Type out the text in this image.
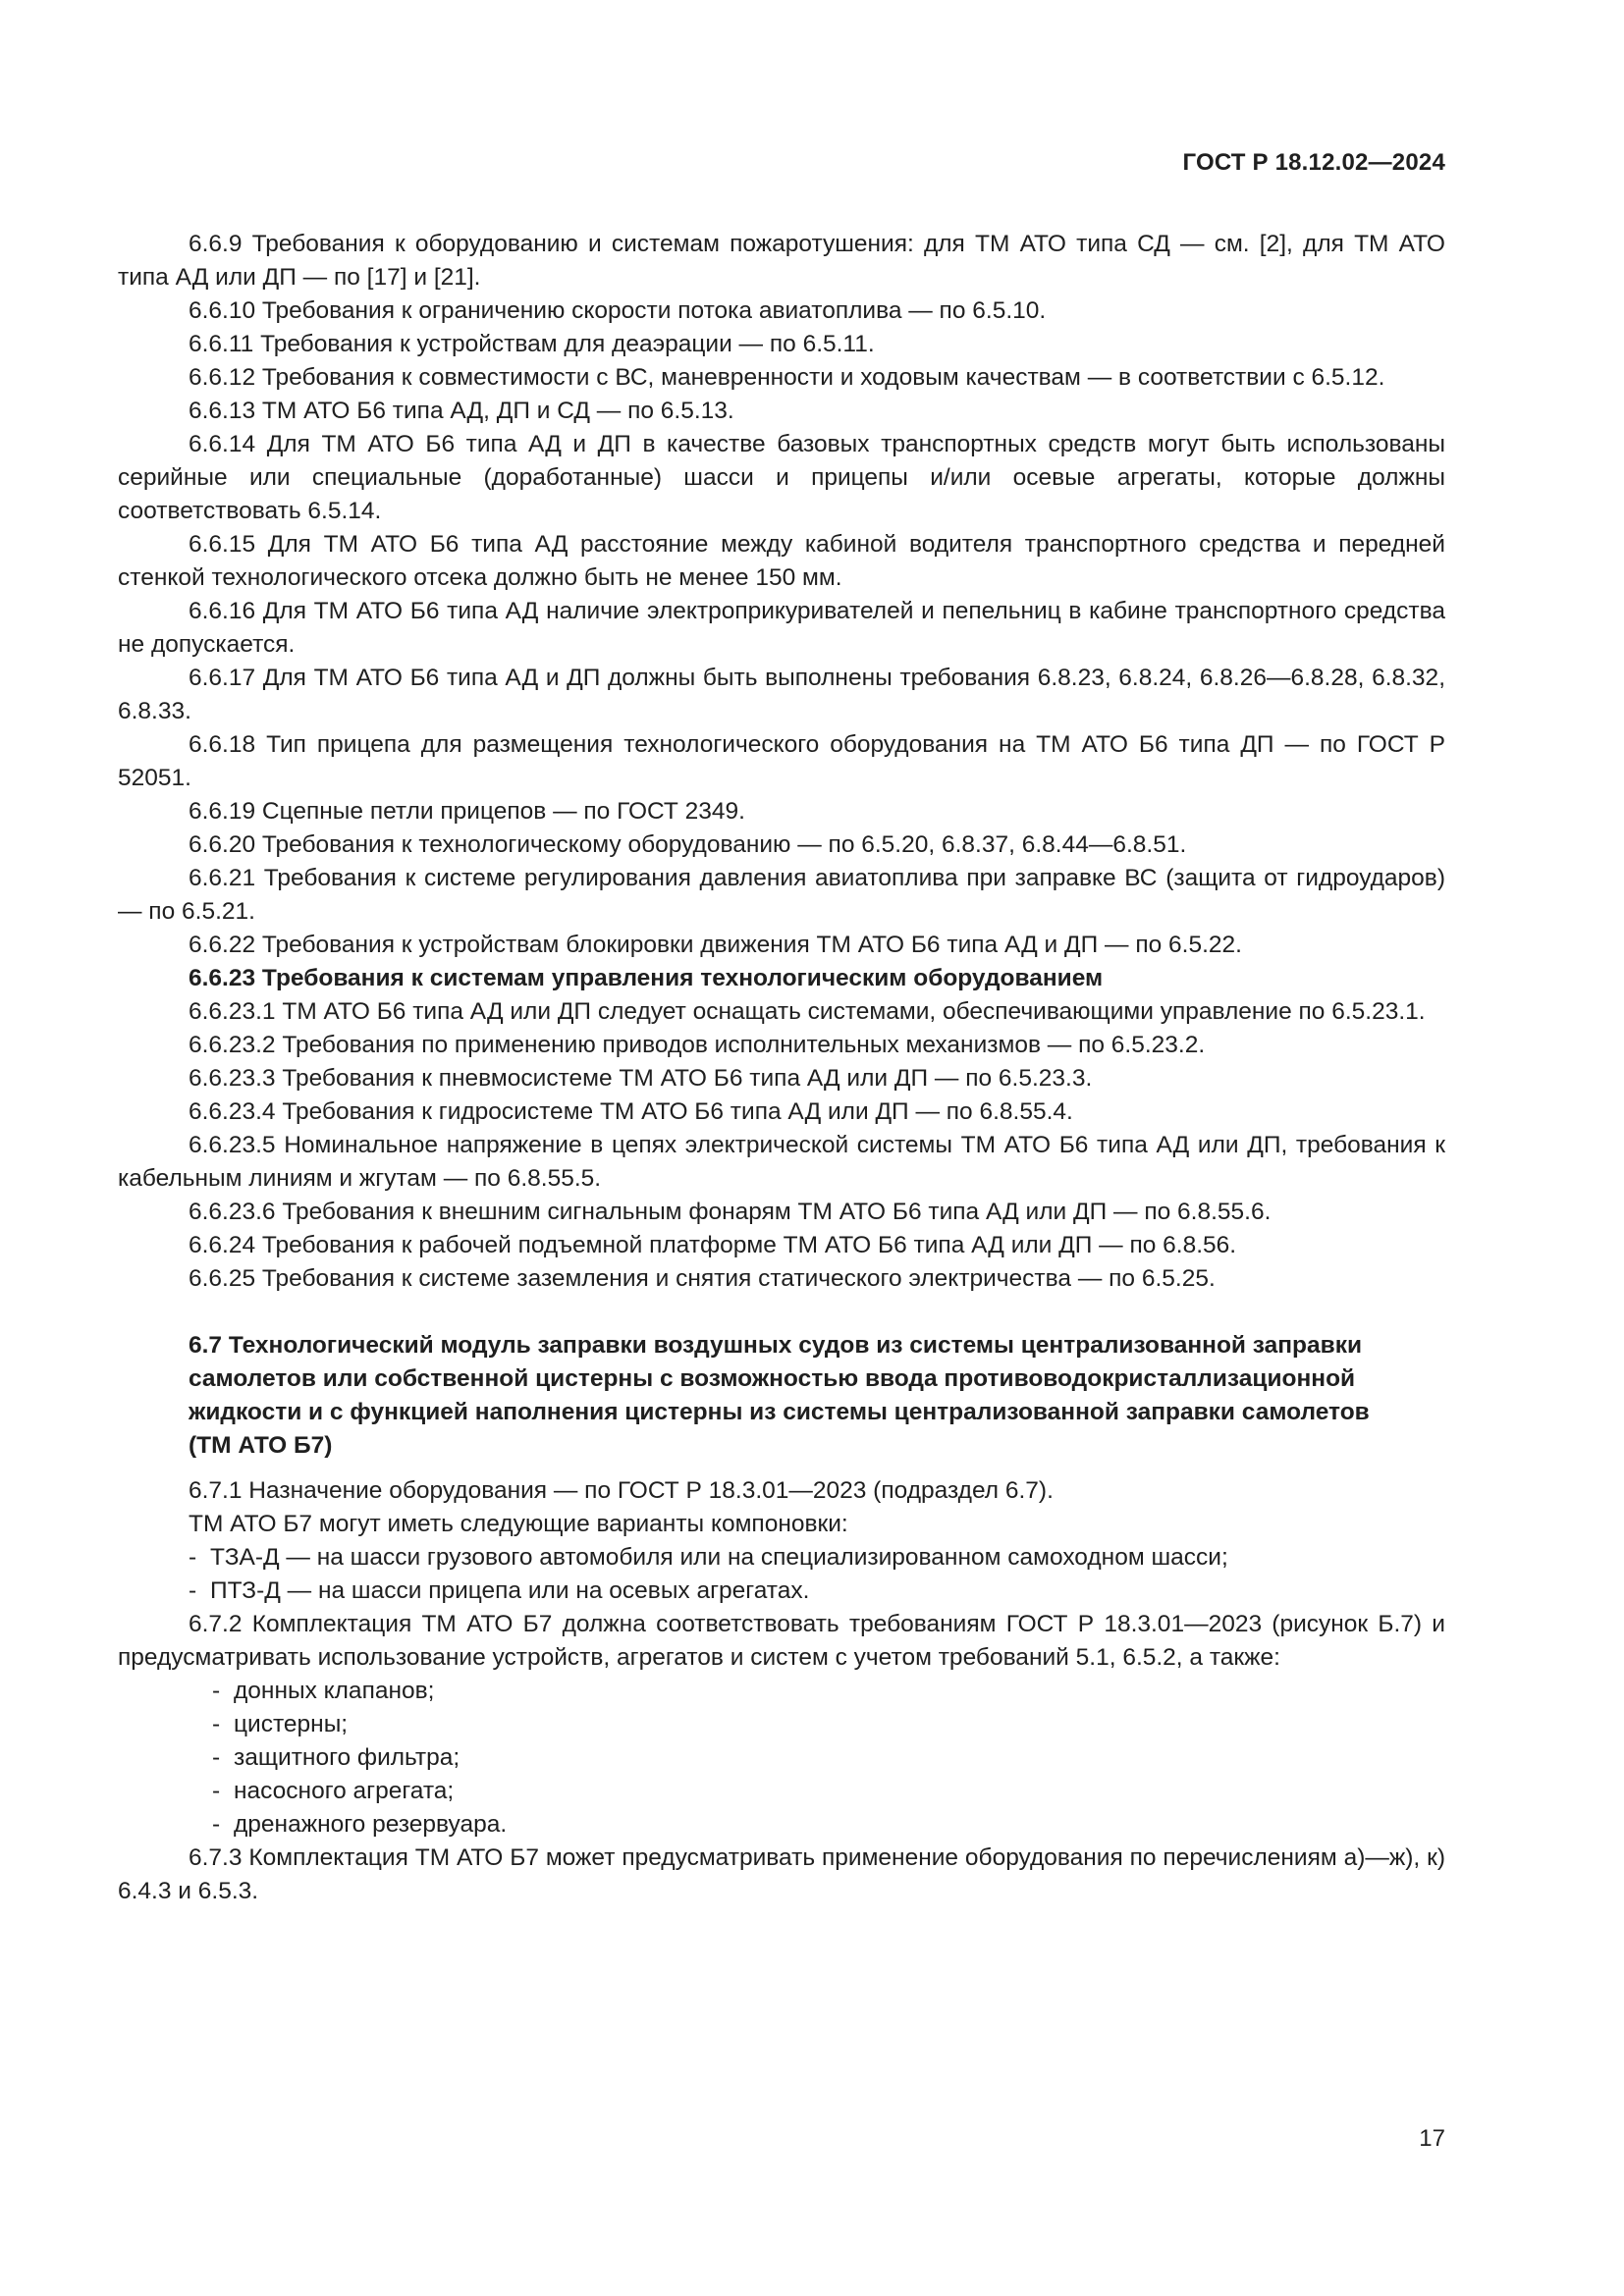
ГОСТ Р 18.12.02—2024

6.6.9 Требования к оборудованию и системам пожаротушения: для ТМ АТО типа СД — см. [2], для ТМ АТО типа АД или ДП — по [17] и [21].

6.6.10 Требования к ограничению скорости потока авиатоплива — по 6.5.10.

6.6.11 Требования к устройствам для деаэрации — по 6.5.11.

6.6.12 Требования к совместимости с ВС, маневренности и ходовым качествам — в соответствии с 6.5.12.

6.6.13 ТМ АТО Б6 типа АД, ДП и СД — по 6.5.13.

6.6.14 Для ТМ АТО Б6 типа АД и ДП в качестве базовых транспортных средств могут быть использованы серийные или специальные (доработанные) шасси и прицепы и/или осевые агрегаты, которые должны соответствовать 6.5.14.

6.6.15 Для ТМ АТО Б6 типа АД расстояние между кабиной водителя транспортного средства и передней стенкой технологического отсека должно быть не менее 150 мм.

6.6.16 Для ТМ АТО Б6 типа АД наличие электроприкуривателей и пепельниц в кабине транспортного средства не допускается.

6.6.17 Для ТМ АТО Б6 типа АД и ДП должны быть выполнены требования 6.8.23, 6.8.24, 6.8.26—6.8.28, 6.8.32, 6.8.33.

6.6.18 Тип прицепа для размещения технологического оборудования на ТМ АТО Б6 типа ДП — по ГОСТ Р 52051.

6.6.19 Сцепные петли прицепов — по ГОСТ 2349.

6.6.20 Требования к технологическому оборудованию — по 6.5.20, 6.8.37, 6.8.44—6.8.51.

6.6.21 Требования к системе регулирования давления авиатоплива при заправке ВС (защита от гидроударов) — по 6.5.21.

6.6.22 Требования к устройствам блокировки движения ТМ АТО Б6 типа АД и ДП — по 6.5.22.

6.6.23 Требования к системам управления технологическим оборудованием

6.6.23.1 ТМ АТО Б6 типа АД или ДП следует оснащать системами, обеспечивающими управление по 6.5.23.1.

6.6.23.2 Требования по применению приводов исполнительных механизмов — по 6.5.23.2.

6.6.23.3 Требования к пневмосистеме ТМ АТО Б6 типа АД или ДП — по 6.5.23.3.

6.6.23.4 Требования к гидросистеме ТМ АТО Б6 типа АД или ДП — по 6.8.55.4.

6.6.23.5 Номинальное напряжение в цепях электрической системы ТМ АТО Б6 типа АД или ДП, требования к кабельным линиям и жгутам — по 6.8.55.5.

6.6.23.6 Требования к внешним сигнальным фонарям ТМ АТО Б6 типа АД или ДП — по 6.8.55.6.

6.6.24 Требования к рабочей подъемной платформе ТМ АТО Б6 типа АД или ДП — по 6.8.56.

6.6.25 Требования к системе заземления и снятия статического электричества — по 6.5.25.

6.7 Технологический модуль заправки воздушных судов из системы централизованной заправки самолетов или собственной цистерны с возможностью ввода противоводокристаллизационной жидкости и с функцией наполнения цистерны из системы централизованной заправки самолетов (ТМ АТО Б7)

6.7.1 Назначение оборудования — по ГОСТ Р 18.3.01—2023 (подраздел 6.7).

ТМ АТО Б7 могут иметь следующие варианты компоновки:

- ТЗА-Д — на шасси грузового автомобиля или на специализированном самоходном шасси;

- ПТЗ-Д — на шасси прицепа или на осевых агрегатах.

6.7.2 Комплектация ТМ АТО Б7 должна соответствовать требованиям ГОСТ Р 18.3.01—2023 (рисунок Б.7) и предусматривать использование устройств, агрегатов и систем с учетом требований 5.1, 6.5.2, а также:

- донных клапанов;

- цистерны;

- защитного фильтра;

- насосного агрегата;

- дренажного резервуара.

6.7.3 Комплектация ТМ АТО Б7 может предусматривать применение оборудования по перечислениям а)—ж), к) 6.4.3 и 6.5.3.

17
